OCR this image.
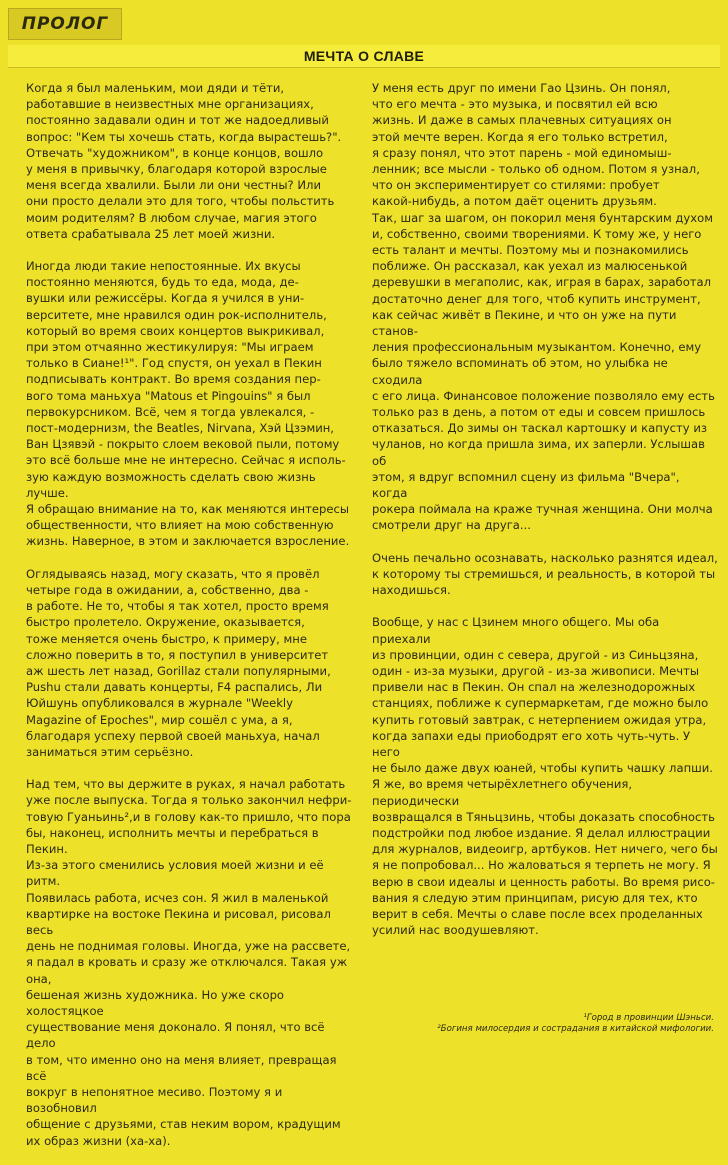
ПРОЛОГ
МЕЧТА О СЛАВЕ

Когда я был маленьким, мои дяди и тёти,
работавшие в неизвестных мне организациях,
постоянно задавали один и тот же надоедливый
вопрос: "Кем ты хочешь стать, когда вырастешь?".
Отвечать "художником", в конце концов, вошло
у меня в привычку, благодаря которой взрослые
меня всегда хвалили. Были ли они честны? Или
они просто делали это для того, чтобы польстить
моим родителям? В любом случае, магия этого
ответа срабатывала 25 лет моей жизни.

Иногда люди такие непостоянные. Их вкусы
постоянно меняются, будь то еда, мода, де-
вушки или режиссёры. Когда я учился в уни-
верситете, мне нравился один рок-исполнитель,
который во время своих концертов выкрикивал,
при этом отчаянно жестикулируя: "Мы играем
только в Сиане!¹". Год спустя, он уехал в Пекин
подписывать контракт. Во время создания пер-
вого тома маньхуа "Matous et Pingouins" я был
первокурсником. Всё, чем я тогда увлекался, -
пост-модернизм, the Beatles, Nirvana, Хэй Цзэмин,
Ван Цзявэй - покрыто слоем вековой пыли, потому
это всё больше мне не интересно. Сейчас я исполь-
зую каждую возможность сделать свою жизнь лучше.
Я обращаю внимание на то, как меняются интересы
общественности, что влияет на мою собственную
жизнь. Наверное, в этом и заключается взросление.

Оглядываясь назад, могу сказать, что я провёл
четыре года в ожидании, а, собственно, два -
в работе. Не то, чтобы я так хотел, просто время
быстро пролетело. Окружение, оказывается,
тоже меняется очень быстро, к примеру, мне
сложно поверить в то, я поступил в университет
аж шесть лет назад, Gorillaz стали популярными,
Pushu стали давать концерты, F4 распались, Ли
Юйшунь опубликовался в журнале "Weekly
Magazine of Epoches", мир сошёл с ума, а я,
благодаря успеху первой своей маньхуа, начал
заниматься этим серьёзно.

Над тем, что вы держите в руках, я начал работать
уже после выпуска. Тогда я только закончил нефри-
товую Гуаньинь²,и в голову как-то пришло, что пора
бы, наконец, исполнить мечты и перебраться в Пекин.
Из-за этого сменились условия моей жизни и её ритм.
Появилась работа, исчез сон. Я жил в маленькой
квартирке на востоке Пекина и рисовал, рисовал весь
день не поднимая головы. Иногда, уже на рассвете,
я падал в кровать и сразу же отключался. Такая уж она,
бешеная жизнь художника. Но уже скоро холостяцкое
существование меня доконало. Я понял, что всё дело
в том, что именно оно на меня влияет, превращая всё
вокруг в непонятное месиво. Поэтому я и возобновил
общение с друзьями, став неким вором, крадущим
их образ жизни (ха-ха).

У меня есть друг по имени Гао Цзинь. Он понял,
что его мечта - это музыка, и посвятил ей всю
жизнь. И даже в самых плачевных ситуациях он
этой мечте верен. Когда я его только встретил,
я сразу понял, что этот парень - мой единомыш-
ленник; все мысли - только об одном. Потом я узнал,
что он экспериментирует со стилями: пробует
какой-нибудь, а потом даёт оценить друзьям.
Так, шаг за шагом, он покорил меня бунтарским духом
и, собственно, своими творениями. К тому же, у него
есть талант и мечты. Поэтому мы и познакомились
поближе. Он рассказал, как уехал из малюсенькой
деревушки в мегаполис, как, играя в барах, заработал
достаточно денег для того, чтоб купить инструмент,
как сейчас живёт в Пекине, и что он уже на пути станов-
ления профессиональным музыкантом. Конечно, ему
было тяжело вспоминать об этом, но улыбка не сходила
с его лица. Финансовое положение позволяло ему есть
только раз в день, а потом от еды и совсем пришлось
отказаться. До зимы он таскал картошку и капусту из
чуланов, но когда пришла зима, их заперли. Услышав об
этом, я вдруг вспомнил сцену из фильма "Вчера", когда
рокера поймала на краже тучная женщина. Они молча
смотрели друг на друга...

Очень печально осознавать, насколько разнятся идеал,
к которому ты стремишься, и реальность, в которой ты
находишься.

Вообще, у нас с Цзинем много общего. Мы оба приехали
из провинции, один с севера, другой - из Синьцзяна,
один - из-за музыки, другой - из-за живописи. Мечты
привели нас в Пекин. Он спал на железнодорожных
станциях, поближе к супермаркетам, где можно было
купить готовый завтрак, с нетерпением ожидая утра,
когда запахи еды приободрят его хоть чуть-чуть. У него
не было даже двух юаней, чтобы купить чашку лапши.
Я же, во время четырёхлетнего обучения, периодически
возвращался в Тяньцзинь, чтобы доказать способность
подстройки под любое издание. Я делал иллюстрации
для журналов, видеоигр, артбуков. Нет ничего, чего бы
я не попробовал... Но жаловаться я терпеть не могу. Я
верю в свои идеалы и ценность работы. Во время рисо-
вания я следую этим принципам, рисую для тех, кто
верит в себя. Мечты о славе после всех проделанных
усилий нас воодушевляют.

¹Город в провинции Шэньси.
²Богиня милосердия и сострадания в китайской мифологии.
